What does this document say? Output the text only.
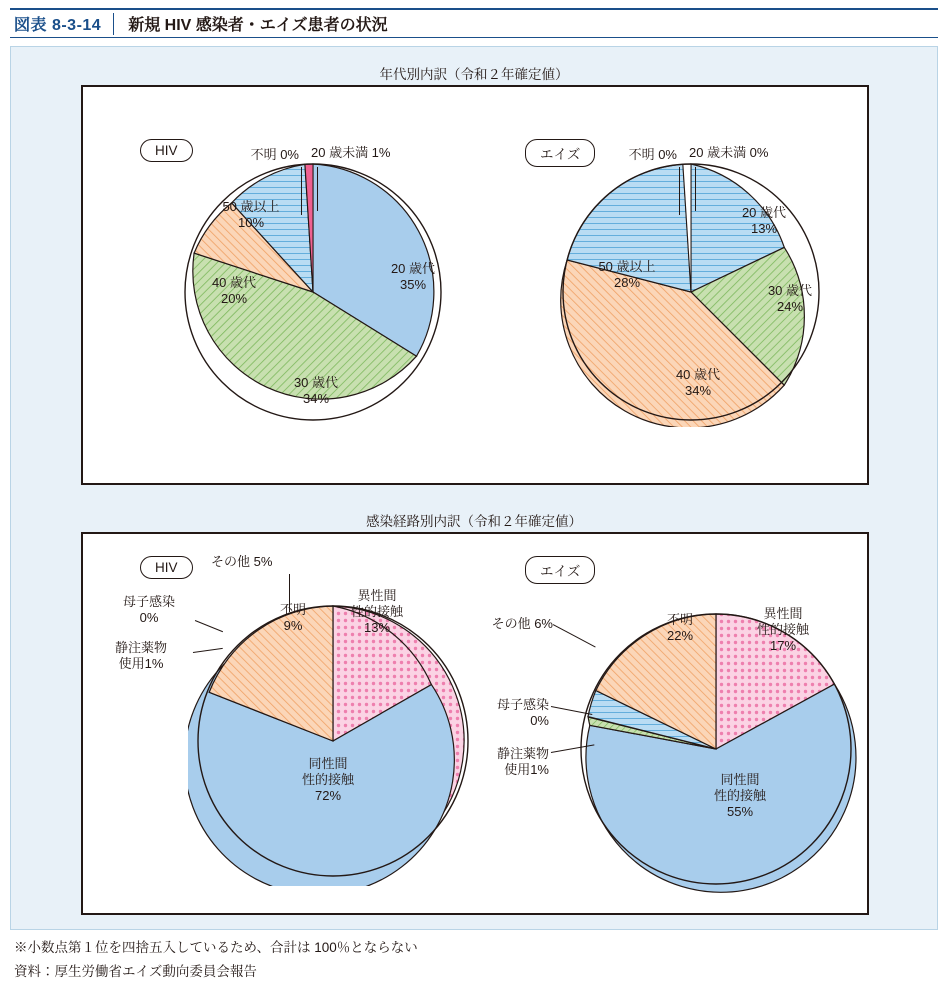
図表 8-3-14	新規 HIV 感染者・エイズ患者の状況
年代別内訳（令和２年確定値）
HIV	不明 0% 20 歳未満 1%
50 歳以上
10%
40 歳代
20%
30 歳代
34%
20 歳代
35%
エイズ	不明 0% 20 歳未満 0%
50 歳以上
28%
40 歳代
34%
30 歳代
24%
20 歳代
13%
感染経路別内訳（令和２年確定値）
HIV	その他 5%
母子感染
0%
静注薬物
使用1%
不明
9%
異性間
性的接触
13%
同性間
性的接触
72%
エイズ
その他 6%
母子感染
0%
静注薬物
使用1%
不明
22%
異性間
性的接触
17%
同性間
性的接触
55%
※小数点第１位を四捨五入しているため、合計は 100％とならない
資料：厚生労働省エイズ動向委員会報告
